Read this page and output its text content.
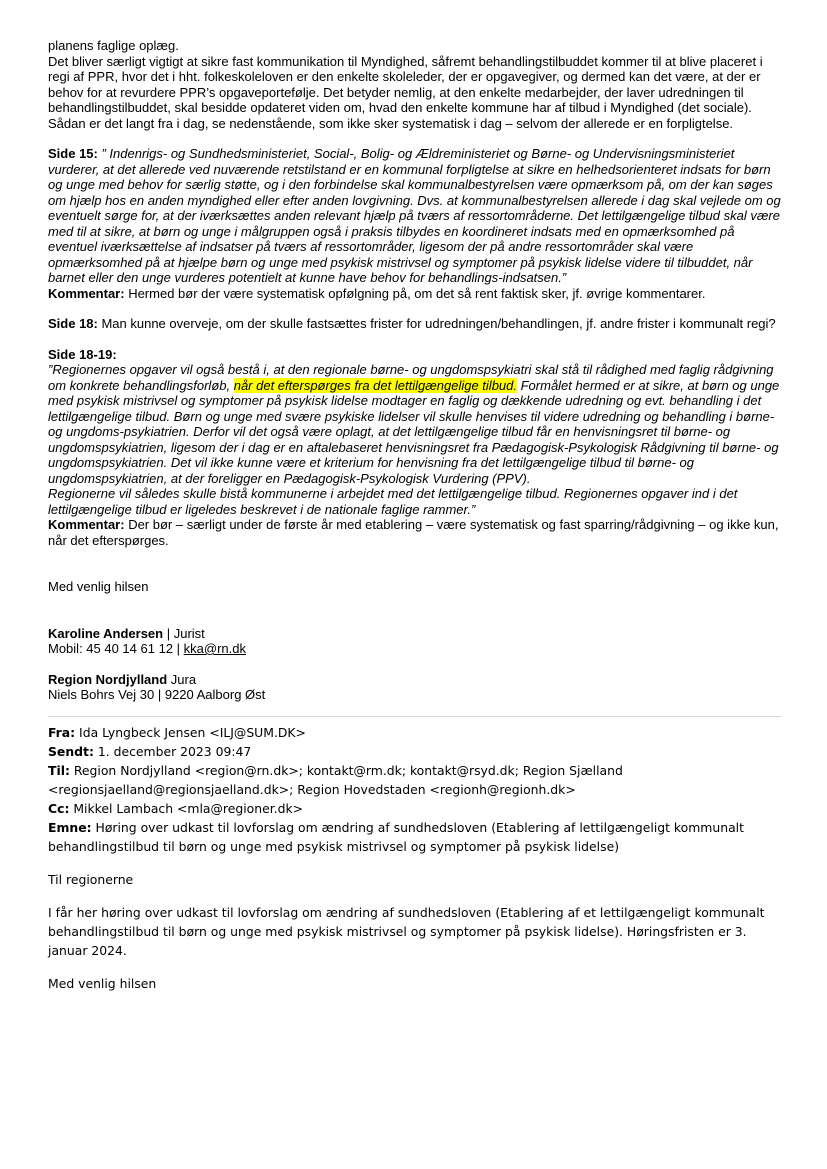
planens faglige oplæg.

Det bliver særligt vigtigt at sikre fast kommunikation til Myndighed, såfremt behandlingstilbuddet kommer til at blive placeret i regi af PPR, hvor det i hht. folkeskoleloven er den enkelte skoleleder, der er opgavegiver, og dermed kan det være, at der er behov for at revurdere PPR’s opgaveportefølje. Det betyder nemlig, at den enkelte medarbejder, der laver udredningen til behandlingstilbuddet, skal besidde opdateret viden om, hvad den enkelte kommune har af tilbud i Myndighed (det sociale). Sådan er det langt fra i dag, se nedenstående, som ikke sker systematisk i dag – selvom der allerede er en forpligtelse.

Side 15: ” Indenrigs- og Sundhedsministeriet, Social-, Bolig- og Ældreministeriet og Børne- og Undervisningsministeriet vurderer, at det allerede ved nuværende retstilstand er en kommunal forpligtelse at sikre en helhedsorienteret indsats for børn og unge med behov for særlig støtte, og i den forbindelse skal kommunalbestyrelsen være opmærksom på, om der kan søges om hjælp hos en anden myndighed eller efter anden lovgivning. Dvs. at kommunalbestyrelsen allerede i dag skal vejlede om og eventuelt sørge for, at der iværksættes anden relevant hjælp på tværs af ressortområderne. Det lettilgængelige tilbud skal være med til at sikre, at børn og unge i målgruppen også i praksis tilbydes en koordineret indsats med en opmærksomhed på eventuel iværksættelse af indsatser på tværs af ressortområder, ligesom der på andre ressortområder skal være opmærksomhed på at hjælpe børn og unge med psykisk mistrivsel og symptomer på psykisk lidelse videre til tilbuddet, når barnet eller den unge vurderes potentielt at kunne have behov for behandlings-indsatsen.”

Kommentar: Hermed bør der være systematisk opfølgning på, om det så rent faktisk sker, jf. øvrige kommentarer.

Side 18: Man kunne overveje, om der skulle fastsættes frister for udredningen/behandlingen, jf. andre frister i kommunalt regi?

Side 18-19:

”Regionernes opgaver vil også bestå i, at den regionale børne- og ungdomspsykiatri skal stå til rådighed med faglig rådgivning om konkrete behandlingsforløb, når det efterspørges fra det lettilgængelige tilbud. Formålet hermed er at sikre, at børn og unge med psykisk mistrivsel og symptomer på psykisk lidelse modtager en faglig og dækkende udredning og evt. behandling i det lettilgængelige tilbud. Børn og unge med svære psykiske lidelser vil skulle henvises til videre udredning og behandling i børne- og ungdoms-psykiatrien. Derfor vil det også være oplagt, at det lettilgængelige tilbud får en henvisningsret til børne- og ungdomspsykiatrien, ligesom der i dag er en aftalebaseret henvisningsret fra Pædagogisk-Psykologisk Rådgivning til børne- og ungdomspsykiatrien. Det vil ikke kunne være et kriterium for henvisning fra det lettilgængelige tilbud til børne- og ungdomspsykiatrien, at der foreligger en Pædagogisk-Psykologisk Vurdering (PPV).

Regionerne vil således skulle bistå kommunerne i arbejdet med det lettilgængelige tilbud. Regionernes opgaver ind i det lettilgængelige tilbud er ligeledes beskrevet i de nationale faglige rammer.”

Kommentar: Der bør – særligt under de første år med etablering – være systematisk og fast sparring/rådgivning – og ikke kun, når det efterspørges.

Med venlig hilsen

Karoline Andersen | Jurist

Mobil: 45 40 14 61 12 | kka@rn.dk

Region Nordjylland Jura

Niels Bohrs Vej 30 | 9220 Aalborg Øst

Fra: Ida Lyngbeck Jensen <ILJ@SUM.DK>

Sendt: 1. december 2023 09:47

Til: Region Nordjylland <region@rn.dk>; kontakt@rm.dk; kontakt@rsyd.dk; Region Sjælland <regionsjaelland@regionsjaelland.dk>; Region Hovedstaden <regionh@regionh.dk>

Cc: Mikkel Lambach <mla@regioner.dk>

Emne: Høring over udkast til lovforslag om ændring af sundhedsloven (Etablering af lettilgængeligt kommunalt behandlingstilbud til børn og unge med psykisk mistrivsel og symptomer på psykisk lidelse)

Til regionerne

I får her høring over udkast til lovforslag om ændring af sundhedsloven (Etablering af et lettilgængeligt kommunalt behandlingstilbud til børn og unge med psykisk mistrivsel og symptomer på psykisk lidelse). Høringsfristen er 3. januar 2024.

Med venlig hilsen
